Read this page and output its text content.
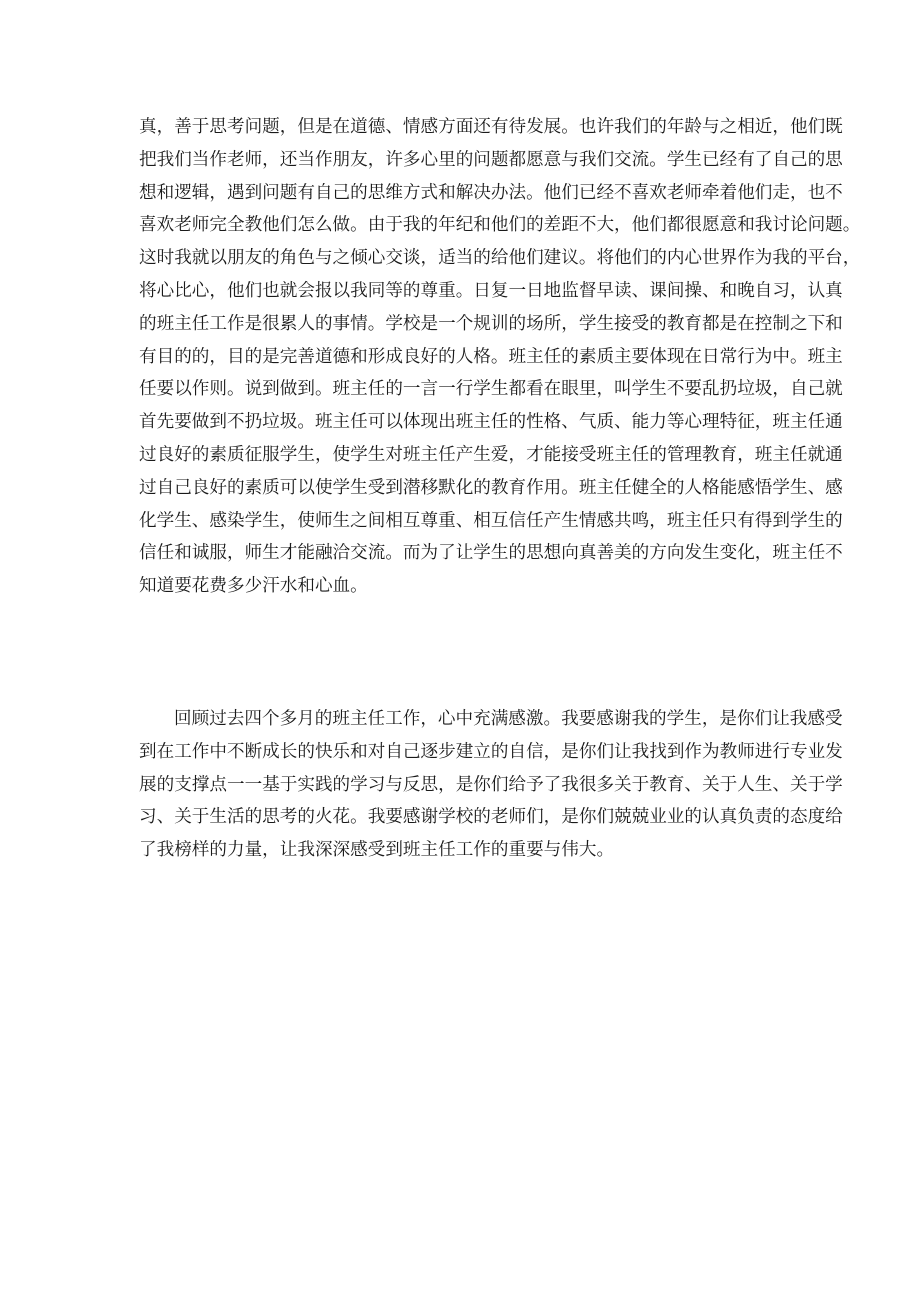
真，善于思考问题，但是在道德、情感方面还有待发展。也许我们的年龄与之相近，他们既
把我们当作老师，还当作朋友，许多心里的问题都愿意与我们交流。学生已经有了自己的思
想和逻辑，遇到问题有自己的思维方式和解决办法。他们已经不喜欢老师牵着他们走，也不
喜欢老师完全教他们怎么做。由于我的年纪和他们的差距不大，他们都很愿意和我讨论问题。
这时我就以朋友的角色与之倾心交谈，适当的给他们建议。将他们的内心世界作为我的平台，
将心比心，他们也就会报以我同等的尊重。日复一日地监督早读、课间操、和晚自习，认真
的班主任工作是很累人的事情。学校是一个规训的场所，学生接受的教育都是在控制之下和
有目的的，目的是完善道德和形成良好的人格。班主任的素质主要体现在日常行为中。班主
任要以作则。说到做到。班主任的一言一行学生都看在眼里，叫学生不要乱扔垃圾，自己就
首先要做到不扔垃圾。班主任可以体现出班主任的性格、气质、能力等心理特征，班主任通
过良好的素质征服学生，使学生对班主任产生爱，才能接受班主任的管理教育，班主任就通
过自己良好的素质可以使学生受到潜移默化的教育作用。班主任健全的人格能感悟学生、感
化学生、感染学生，使师生之间相互尊重、相互信任产生情感共鸣，班主任只有得到学生的
信任和诚服，师生才能融洽交流。而为了让学生的思想向真善美的方向发生变化，班主任不
知道要花费多少汗水和心血。

回顾过去四个多月的班主任工作，心中充满感激。我要感谢我的学生，是你们让我感受
到在工作中不断成长的快乐和对自己逐步建立的自信，是你们让我找到作为教师进行专业发
展的支撑点一一基于实践的学习与反思，是你们给予了我很多关于教育、关于人生、关于学
习、关于生活的思考的火花。我要感谢学校的老师们，是你们兢兢业业的认真负责的态度给
了我榜样的力量，让我深深感受到班主任工作的重要与伟大。
